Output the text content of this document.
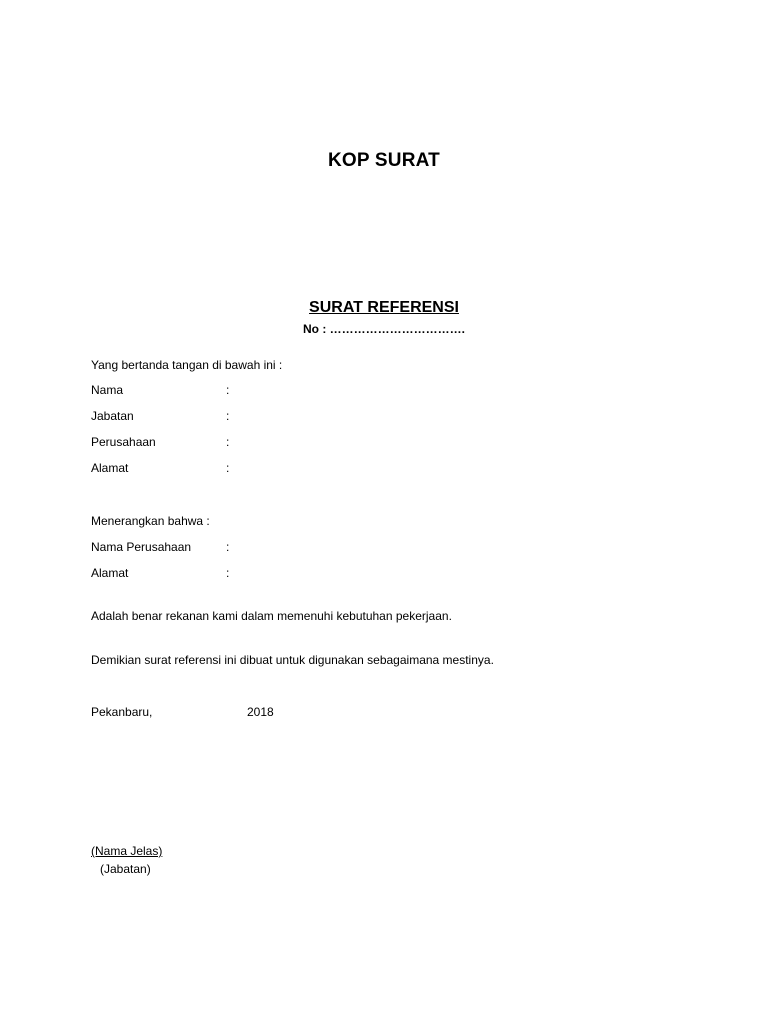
KOP SURAT
SURAT REFERENSI
No : …………………………….
Yang bertanda tangan di bawah ini :
Nama	:
Jabatan	:
Perusahaan	:
Alamat	:
Menerangkan bahwa :
Nama Perusahaan	:
Alamat	:
Adalah benar rekanan kami dalam memenuhi kebutuhan pekerjaan.
Demikian surat referensi ini dibuat untuk digunakan sebagaimana mestinya.
Pekanbaru,	2018
(Nama Jelas)
(Jabatan)
